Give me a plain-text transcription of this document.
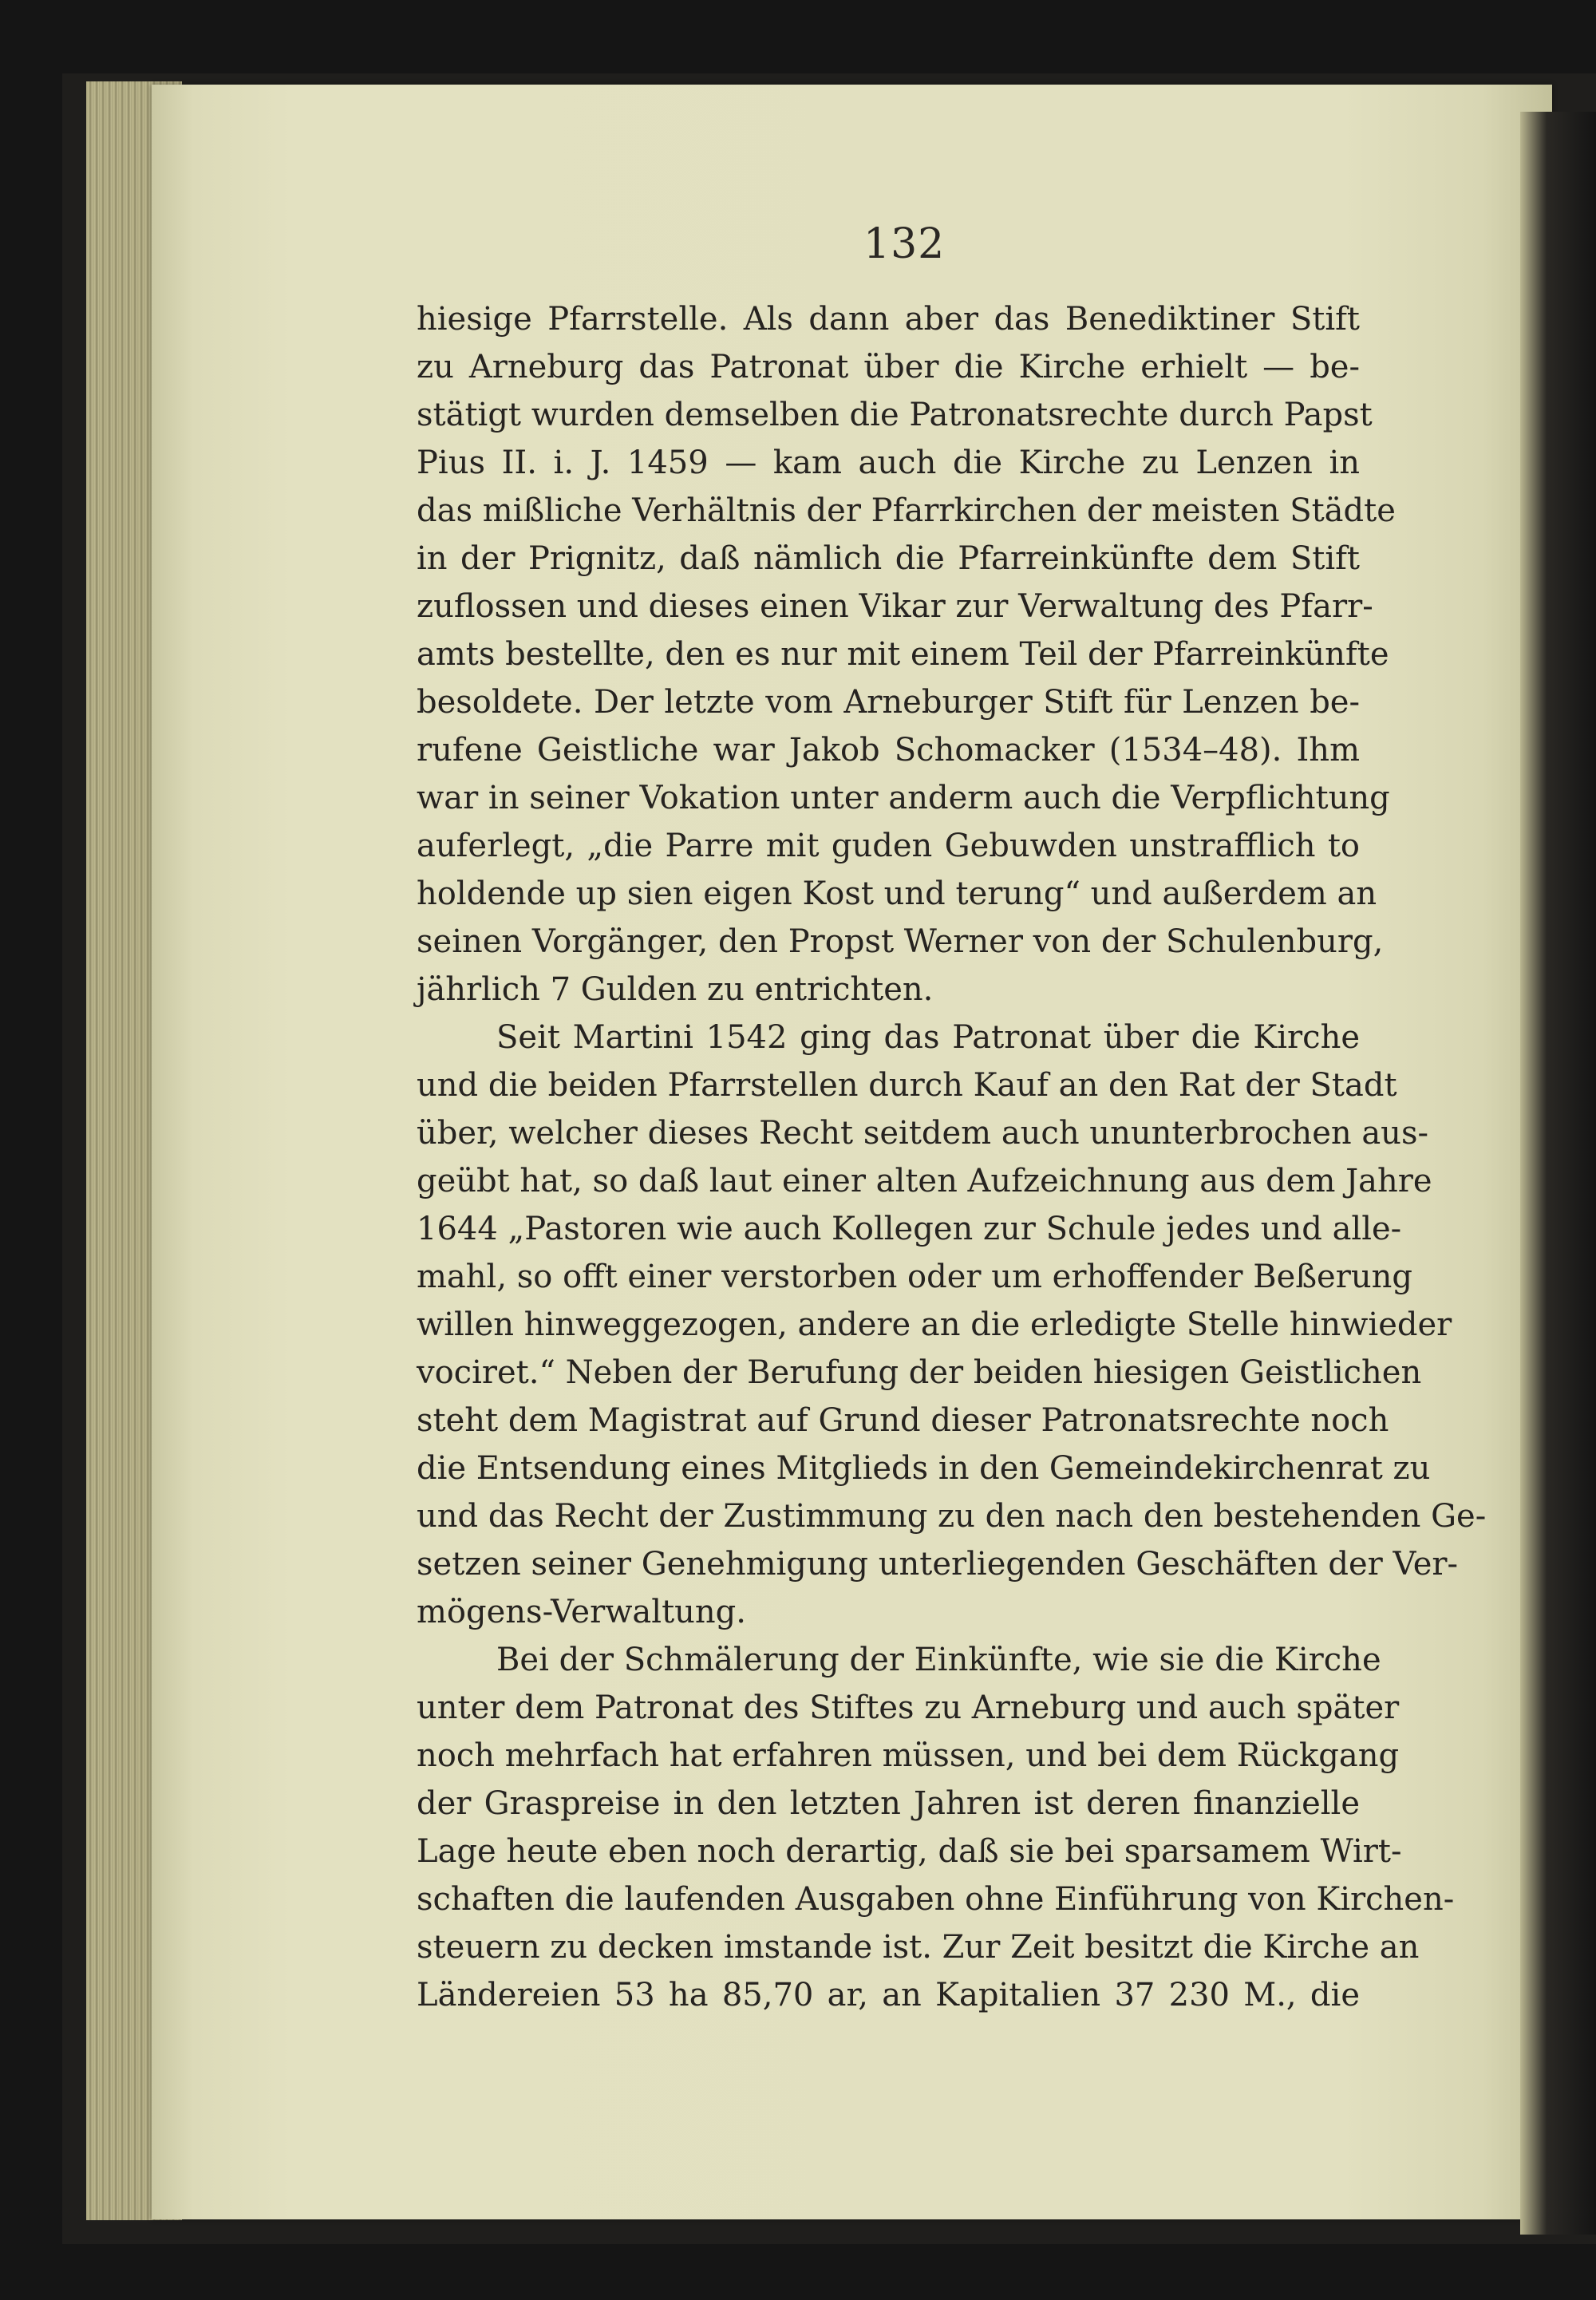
132
hiesige Pfarrstelle. Als dann aber das Benediktiner Stift
zu Arneburg das Patronat über die Kirche erhielt — be-
stätigt wurden demselben die Patronatsrechte durch Papst
Pius II. i. J. 1459 — kam auch die Kirche zu Lenzen in
das mißliche Verhältnis der Pfarrkirchen der meisten Städte
in der Prignitz, daß nämlich die Pfarreinkünfte dem Stift
zuflossen und dieses einen Vikar zur Verwaltung des Pfarr-
amts bestellte, den es nur mit einem Teil der Pfarreinkünfte
besoldete. Der letzte vom Arneburger Stift für Lenzen be-
rufene Geistliche war Jakob Schomacker (1534–48). Ihm
war in seiner Vokation unter anderm auch die Verpflichtung
auferlegt, „die Parre mit guden Gebuwden unstrafflich to
holdende up sien eigen Kost und terung“ und außerdem an
seinen Vorgänger, den Propst Werner von der Schulenburg,
jährlich 7 Gulden zu entrichten.
Seit Martini 1542 ging das Patronat über die Kirche
und die beiden Pfarrstellen durch Kauf an den Rat der Stadt
über, welcher dieses Recht seitdem auch ununterbrochen aus-
geübt hat, so daß laut einer alten Aufzeichnung aus dem Jahre
1644 „Pastoren wie auch Kollegen zur Schule jedes und alle-
mahl, so offt einer verstorben oder um erhoffender Beßerung
willen hinweggezogen, andere an die erledigte Stelle hinwieder
vociret.“ Neben der Berufung der beiden hiesigen Geistlichen
steht dem Magistrat auf Grund dieser Patronatsrechte noch
die Entsendung eines Mitglieds in den Gemeindekirchenrat zu
und das Recht der Zustimmung zu den nach den bestehenden Ge-
setzen seiner Genehmigung unterliegenden Geschäften der Ver-
mögens-Verwaltung.
Bei der Schmälerung der Einkünfte, wie sie die Kirche
unter dem Patronat des Stiftes zu Arneburg und auch später
noch mehrfach hat erfahren müssen, und bei dem Rückgang
der Graspreise in den letzten Jahren ist deren finanzielle
Lage heute eben noch derartig, daß sie bei sparsamem Wirt-
schaften die laufenden Ausgaben ohne Einführung von Kirchen-
steuern zu decken imstande ist. Zur Zeit besitzt die Kirche an
Ländereien 53 ha 85,70 ar, an Kapitalien 37 230 M., die
